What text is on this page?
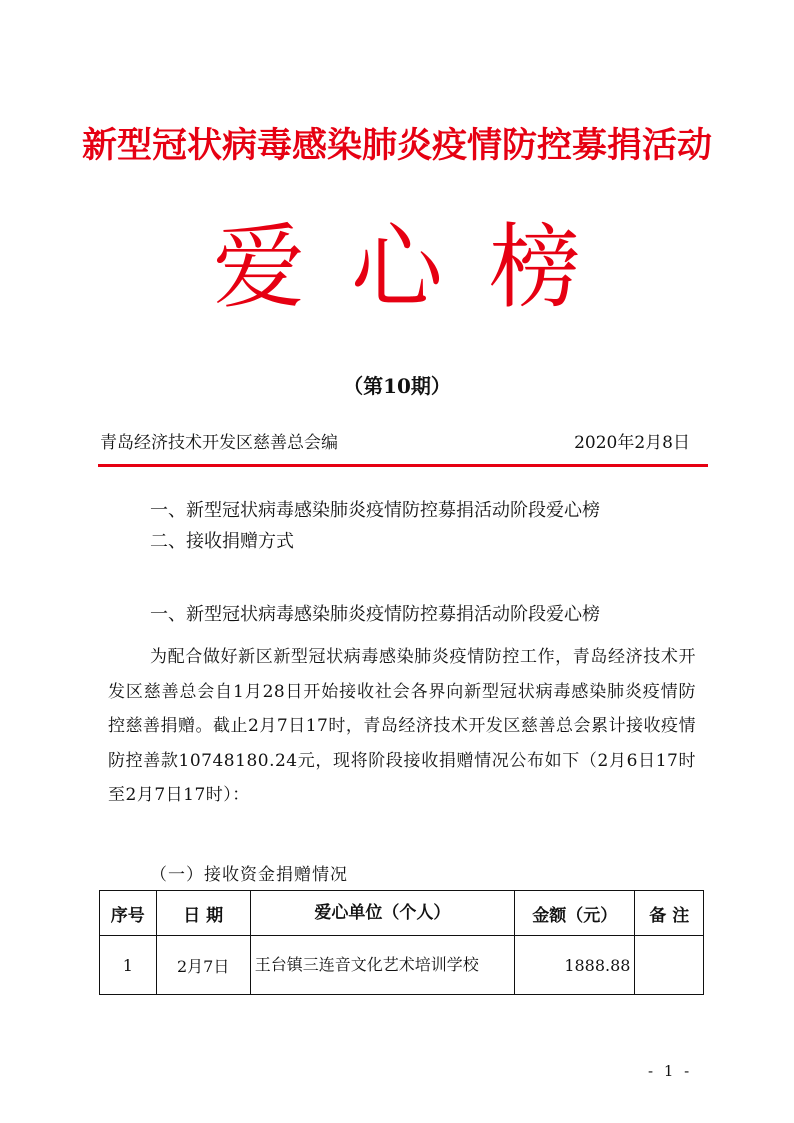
新型冠状病毒感染肺炎疫情防控募捐活动
爱心榜
（第10期）
青岛经济技术开发区慈善总会编	2020年2月8日
一、新型冠状病毒感染肺炎疫情防控募捐活动阶段爱心榜
二、接收捐赠方式
一、新型冠状病毒感染肺炎疫情防控募捐活动阶段爱心榜
为配合做好新区新型冠状病毒感染肺炎疫情防控工作，青岛经济技术开发区慈善总会自1月28日开始接收社会各界向新型冠状病毒感染肺炎疫情防控慈善捐赠。截止2月7日17时，青岛经济技术开发区慈善总会累计接收疫情防控善款10748180.24元，现将阶段接收捐赠情况公布如下（2月6日17时至2月7日17时）：
（一）接收资金捐赠情况
序号	日 期	爱心单位（个人）	金额（元）	备 注
1	2月7日	王台镇三连音文化艺术培训学校	1888.88	
- 1 -
